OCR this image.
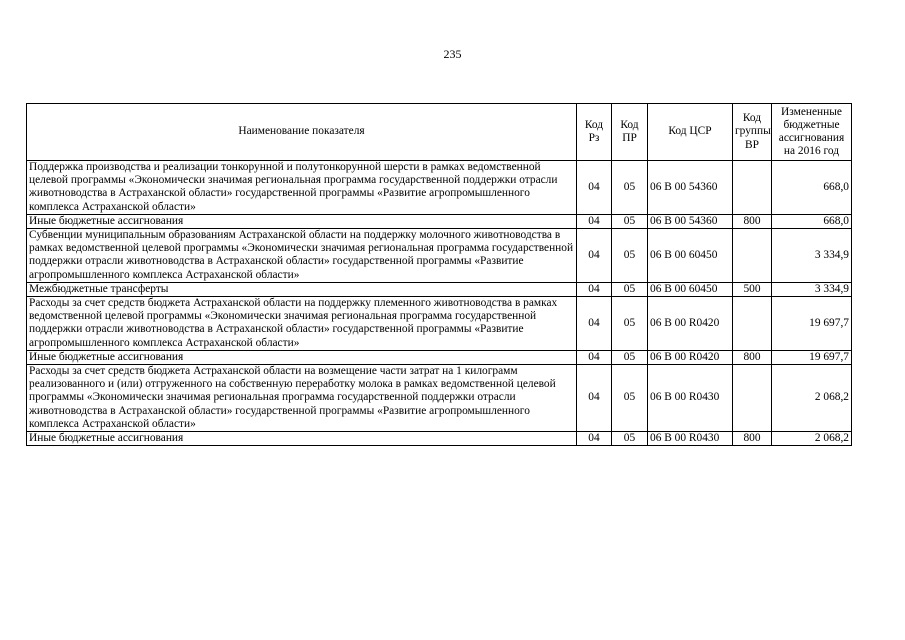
235
Наименование показателя	Код Рз	Код ПР	Код ЦСР	Код группы ВР	Измененные бюджетные ассигнования на 2016 год
Поддержка производства и реализации тонкорунной и полутонкорунной шерсти в рамках ведомственной целевой программы «Экономически значимая региональная программа государственной поддержки отрасли животноводства в Астраханской области» государственной программы «Развитие агропромышленного комплекса Астраханской области»	04	05	06 В 00 54360		668,0
Иные бюджетные ассигнования	04	05	06 В 00 54360	800	668,0
Субвенции муниципальным образованиям Астраханской области на поддержку молочного животноводства в рамках ведомственной целевой программы «Экономически значимая региональная программа государственной поддержки отрасли животноводства в Астраханской области» государственной программы «Развитие агропромышленного комплекса Астраханской области»	04	05	06 В 00 60450		3 334,9
Межбюджетные трансферты	04	05	06 В 00 60450	500	3 334,9
Расходы за счет средств бюджета Астраханской области на поддержку племенного животноводства в рамках ведомственной целевой программы «Экономически значимая региональная программа государственной поддержки отрасли животноводства в Астраханской области» государственной программы «Развитие агропромышленного комплекса Астраханской области»	04	05	06 В 00 R0420		19 697,7
Иные бюджетные ассигнования	04	05	06 В 00 R0420	800	19 697,7
Расходы за счет средств бюджета Астраханской области на возмещение части затрат на 1 килограмм реализованного и (или) отгруженного на собственную переработку молока в рамках ведомственной целевой программы «Экономически значимая региональная программа государственной поддержки отрасли животноводства в Астраханской области» государственной программы «Развитие агропромышленного комплекса Астраханской области»	04	05	06 В 00 R0430		2 068,2
Иные бюджетные ассигнования	04	05	06 В 00 R0430	800	2 068,2
